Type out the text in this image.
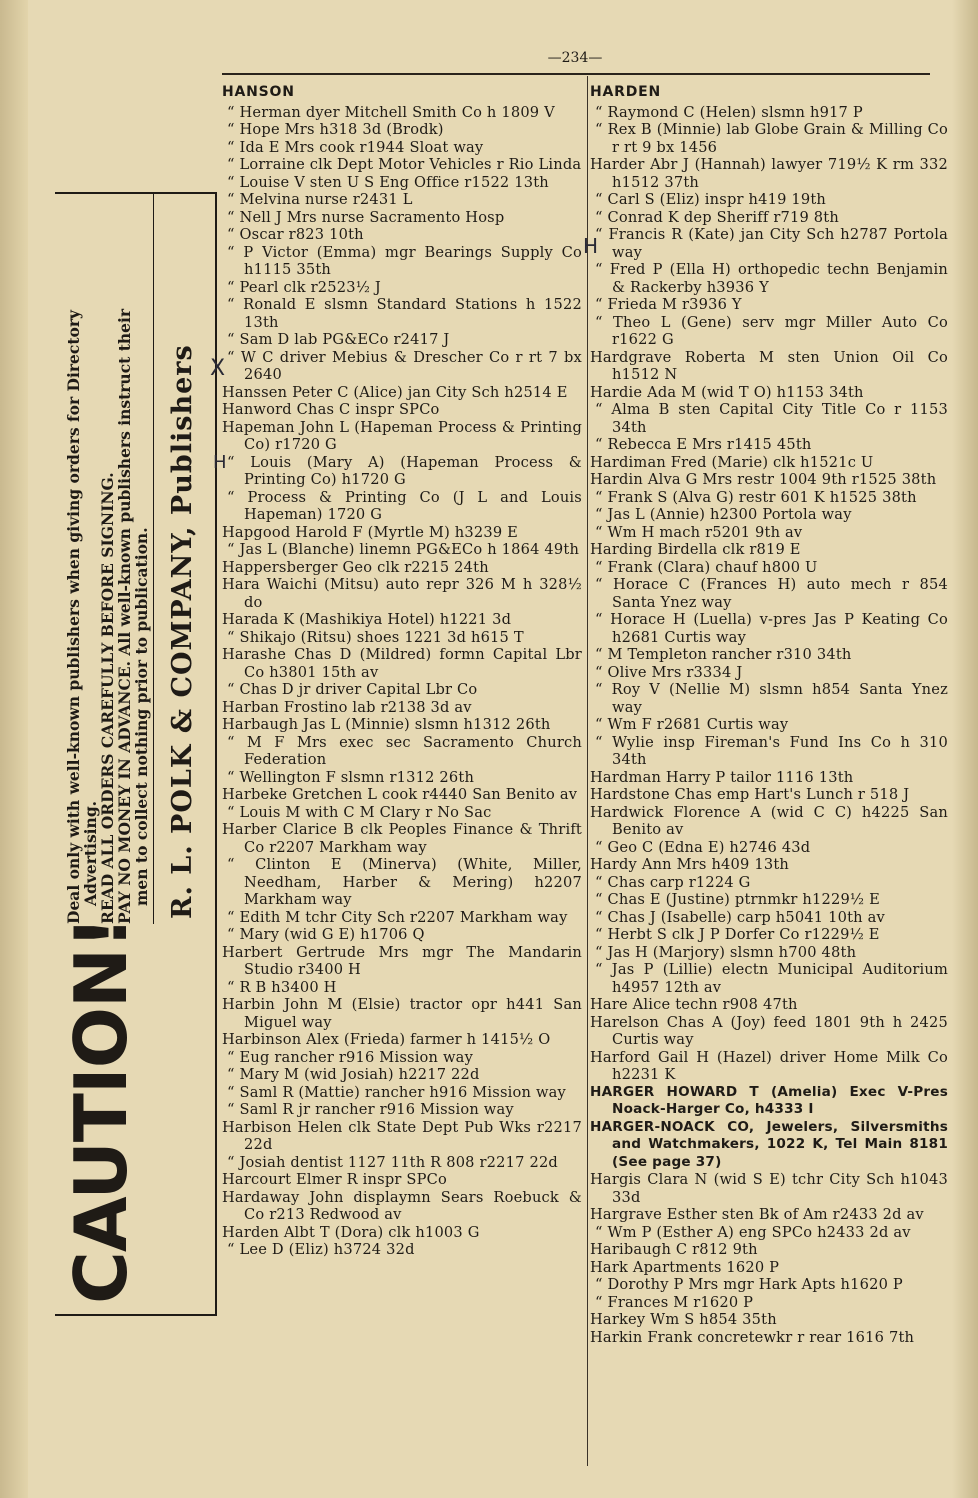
—234—
CAUTION!
Deal only with well-known publishers when giving orders for Directory
Advertising.
READ ALL ORDERS CAREFULLY BEFORE SIGNING.
PAY NO MONEY IN ADVANCE. All well-known publishers instruct their
men to collect nothing prior to publication. R. L. POLK & COMPANY, Publishers X
H
H
HANSON
“ Herman dyer Mitchell Smith Co h 1809 V
“ Hope Mrs h318 3d (Brodk)
“ Ida E Mrs cook r1944 Sloat way
“ Lorraine clk Dept Motor Vehicles r Rio Linda
“ Louise V sten U S Eng Office r1522 13th
“ Melvina nurse r2431 L
“ Nell J Mrs nurse Sacramento Hosp
“ Oscar r823 10th
“ P Victor (Emma) mgr Bearings Supply Co h1115 35th
“ Pearl clk r2523½ J
“ Ronald E slsmn Standard Stations h 1522 13th
“ Sam D lab PG&ECo r2417 J
“ W C driver Mebius & Drescher Co r rt 7 bx 2640
Hanssen Peter C (Alice) jan City Sch h2514 E
Hanword Chas C inspr SPCo
Hapeman John L (Hapeman Process & Printing Co) r1720 G
“ Louis (Mary A) (Hapeman Process & Printing Co) h1720 G
“ Process & Printing Co (J L and Louis Hapeman) 1720 G
Hapgood Harold F (Myrtle M) h3239 E
“ Jas L (Blanche) linemn PG&ECo h 1864 49th
Happersberger Geo clk r2215 24th
Hara Waichi (Mitsu) auto repr 326 M h 328½ do
Harada K (Mashikiya Hotel) h1221 3d
“ Shikajo (Ritsu) shoes 1221 3d h615 T
Harashe Chas D (Mildred) formn Capital Lbr Co h3801 15th av
“ Chas D jr driver Capital Lbr Co
Harban Frostino lab r2138 3d av
Harbaugh Jas L (Minnie) slsmn h1312 26th
“ M F Mrs exec sec Sacramento Church Federation
“ Wellington F slsmn r1312 26th
Harbeke Gretchen L cook r4440 San Benito av
“ Louis M with C M Clary r No Sac
Harber Clarice B clk Peoples Finance & Thrift Co r2207 Markham way
“ Clinton E (Minerva) (White, Miller, Needham, Harber & Mering) h2207 Markham way
“ Edith M tchr City Sch r2207 Markham way
“ Mary (wid G E) h1706 Q
Harbert Gertrude Mrs mgr The Mandarin Studio r3400 H
“ R B h3400 H
Harbin John M (Elsie) tractor opr h441 San Miguel way
Harbinson Alex (Frieda) farmer h 1415½ O
“ Eug rancher r916 Mission way
“ Mary M (wid Josiah) h2217 22d
“ Saml R (Mattie) rancher h916 Mission way
“ Saml R jr rancher r916 Mission way
Harbison Helen clk State Dept Pub Wks r2217 22d
“ Josiah dentist 1127 11th R 808 r2217 22d
Harcourt Elmer R inspr SPCo
Hardaway John displaymn Sears Roebuck & Co r213 Redwood av
Harden Albt T (Dora) clk h1003 G
“ Lee D (Eliz) h3724 32d
HARDEN
“ Raymond C (Helen) slsmn h917 P
“ Rex B (Minnie) lab Globe Grain & Milling Co r rt 9 bx 1456
Harder Abr J (Hannah) lawyer 719½ K rm 332 h1512 37th
“ Carl S (Eliz) inspr h419 19th
“ Conrad K dep Sheriff r719 8th
“ Francis R (Kate) jan City Sch h2787 Portola way
“ Fred P (Ella H) orthopedic techn Benjamin & Rackerby h3936 Y
“ Frieda M r3936 Y
“ Theo L (Gene) serv mgr Miller Auto Co r1622 G
Hardgrave Roberta M sten Union Oil Co h1512 N
Hardie Ada M (wid T O) h1153 34th
“ Alma B sten Capital City Title Co r 1153 34th
“ Rebecca E Mrs r1415 45th
Hardiman Fred (Marie) clk h1521c U
Hardin Alva G Mrs restr 1004 9th r1525 38th
“ Frank S (Alva G) restr 601 K h1525 38th
“ Jas L (Annie) h2300 Portola way
“ Wm H mach r5201 9th av
Harding Birdella clk r819 E
“ Frank (Clara) chauf h800 U
“ Horace C (Frances H) auto mech r 854 Santa Ynez way
“ Horace H (Luella) v-pres Jas P Keating Co h2681 Curtis way
“ M Templeton rancher r310 34th
“ Olive Mrs r3334 J
“ Roy V (Nellie M) slsmn h854 Santa Ynez way
“ Wm F r2681 Curtis way
“ Wylie insp Fireman's Fund Ins Co h 310 34th
Hardman Harry P tailor 1116 13th
Hardstone Chas emp Hart's Lunch r 518 J
Hardwick Florence A (wid C C) h4225 San Benito av
“ Geo C (Edna E) h2746 43d
Hardy Ann Mrs h409 13th
“ Chas carp r1224 G
“ Chas E (Justine) ptrnmkr h1229½ E
“ Chas J (Isabelle) carp h5041 10th av
“ Herbt S clk J P Dorfer Co r1229½ E
“ Jas H (Marjory) slsmn h700 48th
“ Jas P (Lillie) electn Municipal Auditorium h4957 12th av
Hare Alice techn r908 47th
Harelson Chas A (Joy) feed 1801 9th h 2425 Curtis way
Harford Gail H (Hazel) driver Home Milk Co h2231 K
HARGER HOWARD T (Amelia) Exec V-Pres Noack-Harger Co, h4333 I
HARGER-NOACK CO, Jewelers, Silversmiths and Watchmakers, 1022 K, Tel Main 8181 (See page 37)
Hargis Clara N (wid S E) tchr City Sch h1043 33d
Hargrave Esther sten Bk of Am r2433 2d av
“ Wm P (Esther A) eng SPCo h2433 2d av
Haribaugh C r812 9th
Hark Apartments 1620 P
“ Dorothy P Mrs mgr Hark Apts h1620 P
“ Frances M r1620 P
Harkey Wm S h854 35th
Harkin Frank concretewkr r rear 1616 7th
